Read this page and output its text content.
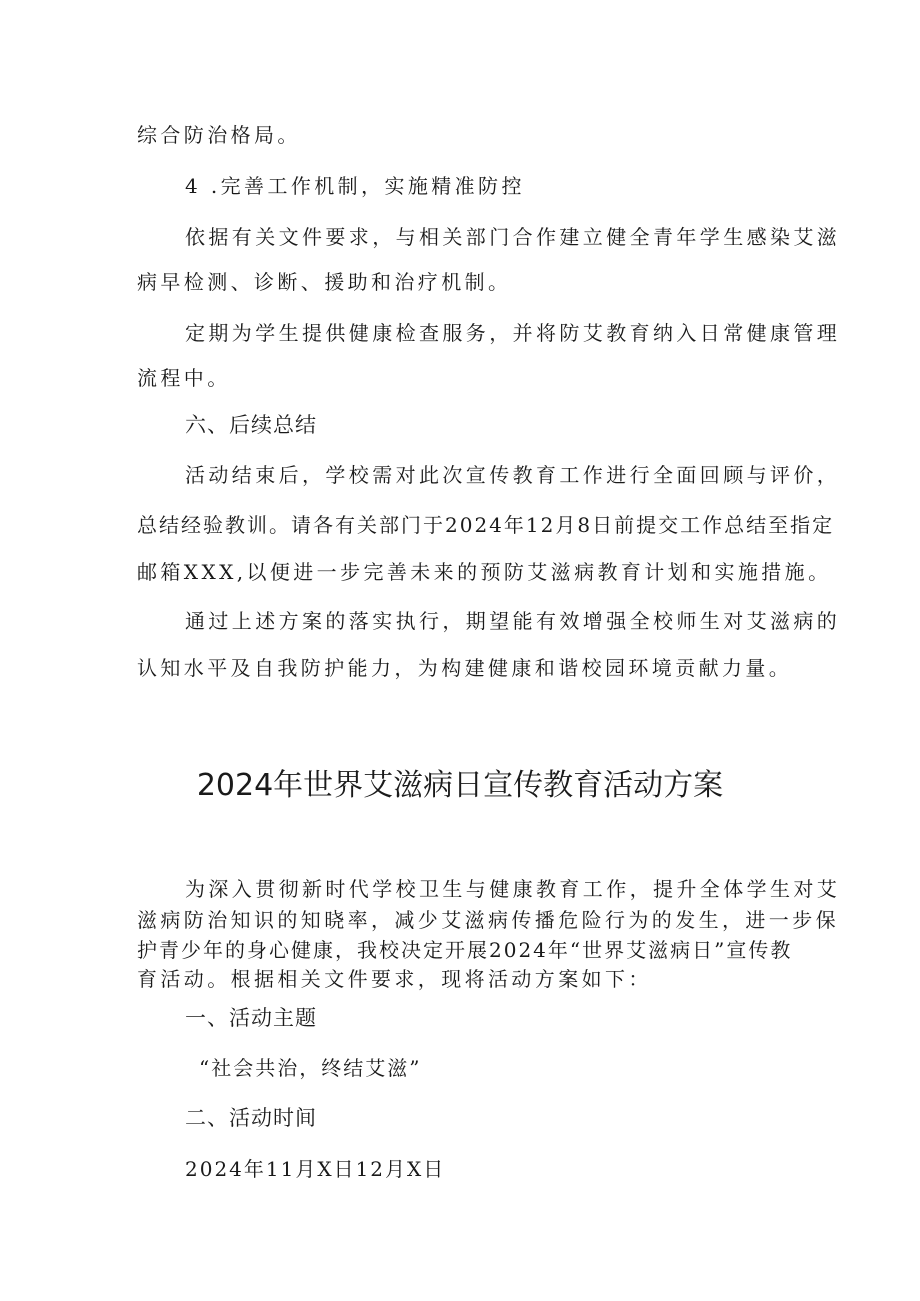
综合防治格局。
4 .完善工作机制，实施精准防控
依据有关文件要求，与相关部门合作建立健全青年学生感染艾滋
病早检测、诊断、援助和治疗机制。
定期为学生提供健康检查服务，并将防艾教育纳入日常健康管理
流程中。
六、后续总结
活动结束后，学校需对此次宣传教育工作进行全面回顾与评价，
总结经验教训。请各有关部门于2024年12月8日前提交工作总结至指定
邮箱XXX,以便进一步完善未来的预防艾滋病教育计划和实施措施。
通过上述方案的落实执行，期望能有效增强全校师生对艾滋病的
认知水平及自我防护能力，为构建健康和谐校园环境贡献力量。
2024年世界艾滋病日宣传教育活动方案
为深入贯彻新时代学校卫生与健康教育工作，提升全体学生对艾
滋病防治知识的知晓率，减少艾滋病传播危险行为的发生，进一步保
护青少年的身心健康，我校决定开展2024年“世界艾滋病日”宣传教
育活动。根据相关文件要求，现将活动方案如下：
一、活动主题
“社会共治，终结艾滋”
二、活动时间
2024年11月X日12月X日
